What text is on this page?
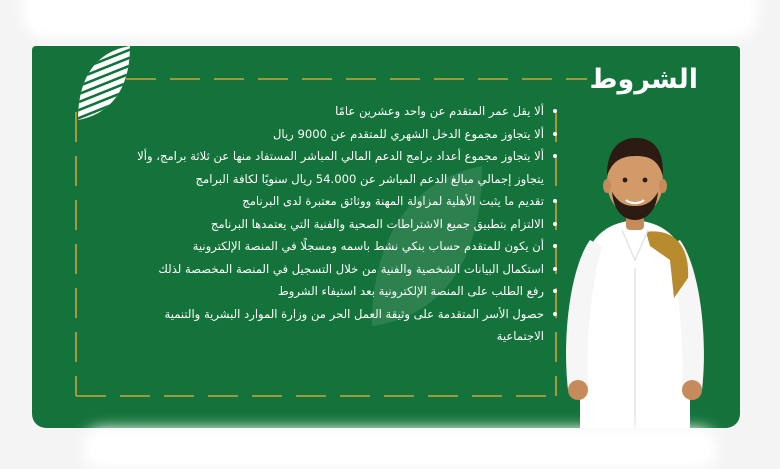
الشروط
ألا يقل عمر المتقدم عن واحد وعشرين عامًا
ألا يتجاوز مجموع الدخل الشهري للمتقدم عن 9000 ريال
ألا يتجاوز مجموع أعداد برامج الدعم المالي المباشر المستفاد منها عن ثلاثة برامج، وألا يتجاوز إجمالي مبالغ الدعم المباشر عن 54.000 ريال سنويًا لكافة البرامج
تقديم ما يثبت الأهلية لمزاولة المهنة ووثائق معتبرة لدى البرنامج
الالتزام بتطبيق جميع الاشتراطات الصحية والفنية التي يعتمدها البرنامج
أن يكون للمتقدم حساب بنكي نشط باسمه ومسجلًا في المنصة الإلكترونية
استكمال البيانات الشخصية والفنية من خلال التسجيل في المنصة المخصصة لذلك
رفع الطلب على المنصة الإلكترونية بعد استيفاء الشروط
حصول الأسر المتقدمة على وثيقة العمل الحر من وزارة الموارد البشرية والتنمية الاجتماعية
